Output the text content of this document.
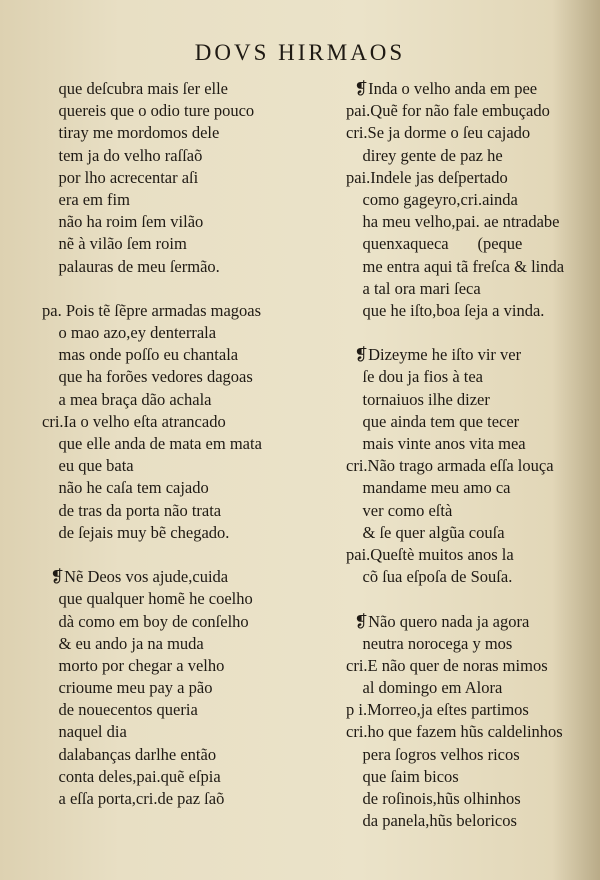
DOVS HIRMAOS
que deſcubra mais ſer elle
quereis que o odio ture pouco
tiray me mordomos dele
tem ja do velho raſſaõ
por lho acrecentar aſi
era em fim
não ha roim ſem vilão
nẽ à vilão ſem roim
palauras de meu ſermão.
pa. Pois tẽ ſẽpre armadas magoas
o mao azo,ey denterrala
mas onde poſſo eu chantala
que ha forões vedores dagoas
a mea braça dão achala
cri.Ia o velho eſta atrancado
que elle anda de mata em mata
eu que bata
não he caſa tem cajado
de tras da porta não trata
de ſejais muy bẽ chegado.
❡Nẽ Deos vos ajude,cuida
que qualquer homẽ he coelho
dà como em boy de conſelho
& eu ando ja na muda
morto por chegar a velho
crioume meu pay a pão
de nouecentos queria
naquel dia
dalabanças darlhe então
conta deles,pai.quẽ eſpia
a eſſa porta,cri.de paz ſaõ
❡Inda o velho anda em pee
pai.Quẽ for não fale embuçado
cri.Se ja dorme o ſeu cajado
direy gente de paz he
pai.Indele jas deſpertado
como gageyro,cri.ainda
ha meu velho,pai. ae ntradabe
quenxaqueca       (peque
me entra aqui tã freſca & linda
a tal ora mari ſeca
que he iſto,boa ſeja a vinda.
❡Dizeyme he iſto vir ver
ſe dou ja fios à tea
tornaiuos ilhe dizer
que ainda tem que tecer
mais vinte anos vita mea
cri.Não trago armada eſſa louça
mandame meu amo ca
ver como eſtà
& ſe quer algũa couſa
pai.Queſtè muitos anos la
cõ ſua eſpoſa de Souſa.
❡Não quero nada ja agora
neutra norocega y mos
cri.E não quer de noras mimos
al domingo em Alora
p i.Morreo,ja eſtes partimos
cri.ho que fazem hũs caldelinhos
pera ſogros velhos ricos
que ſaim bicos
de roſinois,hũs olhinhos
da panela,hũs beloricos
